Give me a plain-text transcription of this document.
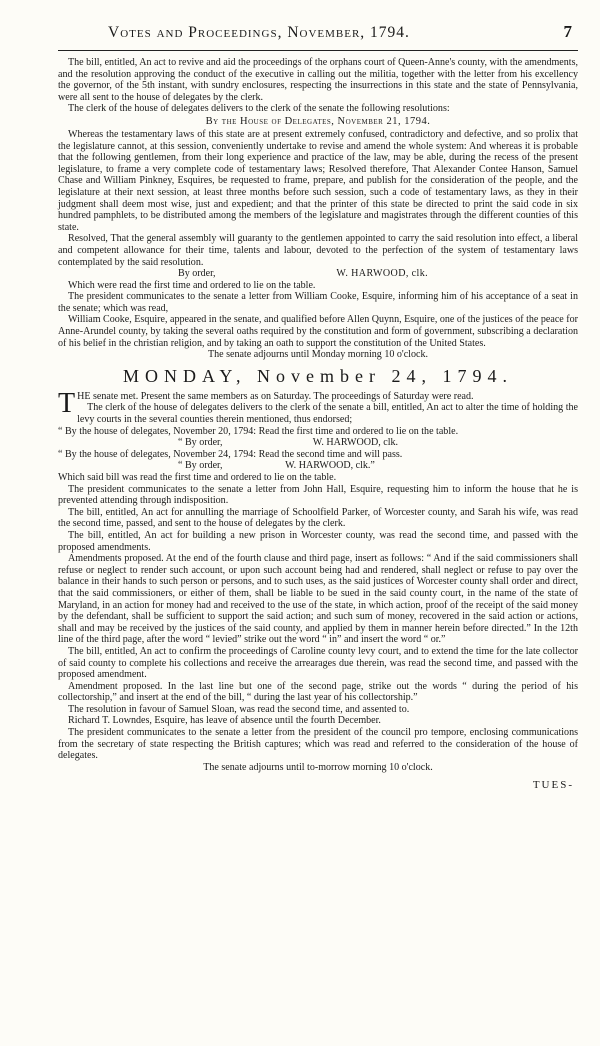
Votes and Proceedings, November, 1794.	7

The bill, entitled, An act to revive and aid the proceedings of the orphans court of Queen-Anne's county, with the amendments, and the resolution approving the conduct of the executive in calling out the militia, together with the letter from his excellency the governor, of the 5th instant, with sundry enclosures, respecting the insurrections in this state and the state of Pennsylvania, were all sent to the house of delegates by the clerk.

The clerk of the house of delegates delivers to the clerk of the senate the following resolutions:

By the House of Delegates, November 21, 1794.

Whereas the testamentary laws of this state are at present extremely confused, contradictory and defective, and so prolix that the legislature cannot, at this session, conveniently undertake to revise and amend the whole system: And whereas it is probable that the following gentlemen, from their long experience and practice of the law, may be able, during the recess of the present legislature, to frame a very complete code of testamentary laws; Resolved therefore, That Alexander Contee Hanson, Samuel Chase and William Pinkney, Esquires, be requested to frame, prepare, and publish for the consideration of the people, and the legislature at their next session, at least three months before such session, such a code of testamentary laws, as they in their judgment shall deem most wise, just and expedient; and that the printer of this state be directed to print the said code in six hundred pamphlets, to be distributed among the members of the legislature and magistrates through the different counties of this state.

Resolved, That the general assembly will guaranty to the gentlemen appointed to carry the said resolution into effect, a liberal and competent allowance for their time, talents and labour, devoted to the perfection of the system of testamentary laws contemplated by the said resolution.

By order,	W. HARWOOD, clk.

Which were read the first time and ordered to lie on the table.

The president communicates to the senate a letter from William Cooke, Esquire, informing him of his acceptance of a seat in the senate; which was read,

William Cooke, Esquire, appeared in the senate, and qualified before Allen Quynn, Esquire, one of the justices of the peace for Anne-Arundel county, by taking the several oaths required by the constitution and form of government, subscribing a declaration of his belief in the christian religion, and by taking an oath to support the constitution of the United States.

The senate adjourns until Monday morning 10 o'clock.
MONDAY, November 24, 1794.

THE senate met. Present the same members as on Saturday. The proceedings of Saturday were read.

The clerk of the house of delegates delivers to the clerk of the senate a bill, entitled, An act to alter the time of holding the levy courts in the several counties therein mentioned, thus endorsed;

“ By the house of delegates, November 20, 1794: Read the first time and ordered to lie on the table.
“ By order,                                    W. HARWOOD, clk.
“ By the house of delegates, November 24, 1794: Read the second time and will pass.
“ By order,                         W. HARWOOD, clk.”

Which said bill was read the first time and ordered to lie on the table.

The president communicates to the senate a letter from John Hall, Esquire, requesting him to inform the house that he is prevented attending through indisposition.

The bill, entitled, An act for annulling the marriage of Schoolfield Parker, of Worcester county, and Sarah his wife, was read the second time, passed, and sent to the house of delegates by the clerk.

The bill, entitled, An act for building a new prison in Worcester county, was read the second time, and passed with the proposed amendments.

Amendments proposed. At the end of the fourth clause and third page, insert as follows: “ And if the said commissioners shall refuse or neglect to render such account, or upon such account being had and rendered, shall neglect or refuse to pay over the balance in their hands to such person or persons, and to such uses, as the said justices of Worcester county shall order and direct, that the said commissioners, or either of them, shall be liable to be sued in the said county court, in the name of the state of Maryland, in an action for money had and received to the use of the state, in which action, proof of the receipt of the said money by the defendant, shall be sufficient to support the said action; and such sum of money, recovered in the said action or actions, shall and may be received by the justices of the said county, and applied by them in manner herein before directed.” In the 12th line of the third page, after the word “ levied” strike out the word “ in” and insert the word “ or.”

The bill, entitled, An act to confirm the proceedings of Caroline county levy court, and to extend the time for the late collector of said county to complete his collections and receive the arrearages due therein, was read the second time, and passed with the proposed amendment.

Amendment proposed. In the last line but one of the second page, strike out the words “ during the period of his collectorship,” and insert at the end of the bill, “ during the last year of his collectorship.”

The resolution in favour of Samuel Sloan, was read the second time, and assented to.

Richard T. Lowndes, Esquire, has leave of absence until the fourth December.

The president communicates to the senate a letter from the president of the council pro tempore, enclosing communications from the secretary of state respecting the British captures; which was read and referred to the consideration of the house of delegates.

The senate adjourns until to-morrow morning 10 o'clock.
TUES-
